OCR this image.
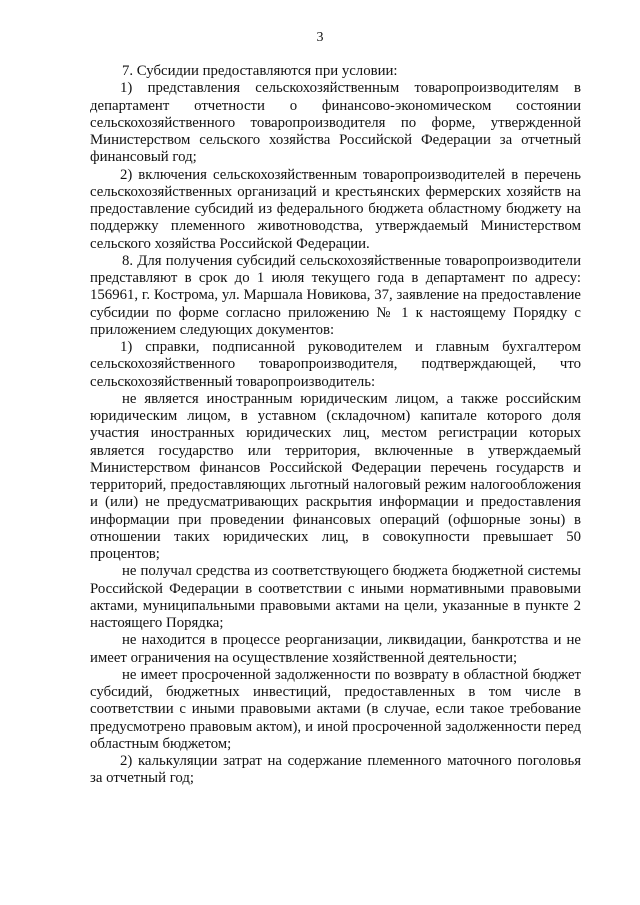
3

7. Субсидии предоставляются при условии:

1) представления сельскохозяйственным товаропроизводителям в департамент отчетности о финансово-экономическом состоянии сельскохозяйственного товаропроизводителя по форме, утвержденной Министерством сельского хозяйства Российской Федерации за отчетный финансовый год;

2) включения сельскохозяйственным товаропроизводителей в перечень сельскохозяйственных организаций и крестьянских фермерских хозяйств на предоставление субсидий из федерального бюджета областному бюджету на поддержку племенного животноводства, утверждаемый Министерством сельского хозяйства Российской Федерации.

8. Для получения субсидий сельскохозяйственные товаропроизводители представляют в срок до 1 июля текущего года в департамент по адресу: 156961, г. Кострома, ул. Маршала Новикова, 37, заявление на предоставление субсидии по форме согласно приложению № 1 к настоящему Порядку с приложением следующих документов:

1) справки, подписанной руководителем и главным бухгалтером сельскохозяйственного товаропроизводителя, подтверждающей, что сельскохозяйственный товаропроизводитель:

не является иностранным юридическим лицом, а также российским юридическим лицом, в уставном (складочном) капитале которого доля участия иностранных юридических лиц, местом регистрации которых является государство или территория, включенные в утверждаемый Министерством финансов Российской Федерации перечень государств и территорий, предоставляющих льготный налоговый режим налогообложения и (или) не предусматривающих раскрытия информации и предоставления информации при проведении финансовых операций (офшорные зоны) в отношении таких юридических лиц, в совокупности превышает 50 процентов;

не получал средства из соответствующего бюджета бюджетной системы Российской Федерации в соответствии с иными нормативными правовыми актами, муниципальными правовыми актами на цели, указанные в пункте 2 настоящего Порядка;

не находится в процессе реорганизации, ликвидации, банкротства и не имеет ограничения на осуществление хозяйственной деятельности;

не имеет просроченной задолженности по возврату в областной бюджет субсидий, бюджетных инвестиций, предоставленных в том числе в соответствии с иными правовыми актами (в случае, если такое требование предусмотрено правовым актом), и иной просроченной задолженности перед областным бюджетом;

2) калькуляции затрат на содержание племенного маточного поголовья за отчетный год;
